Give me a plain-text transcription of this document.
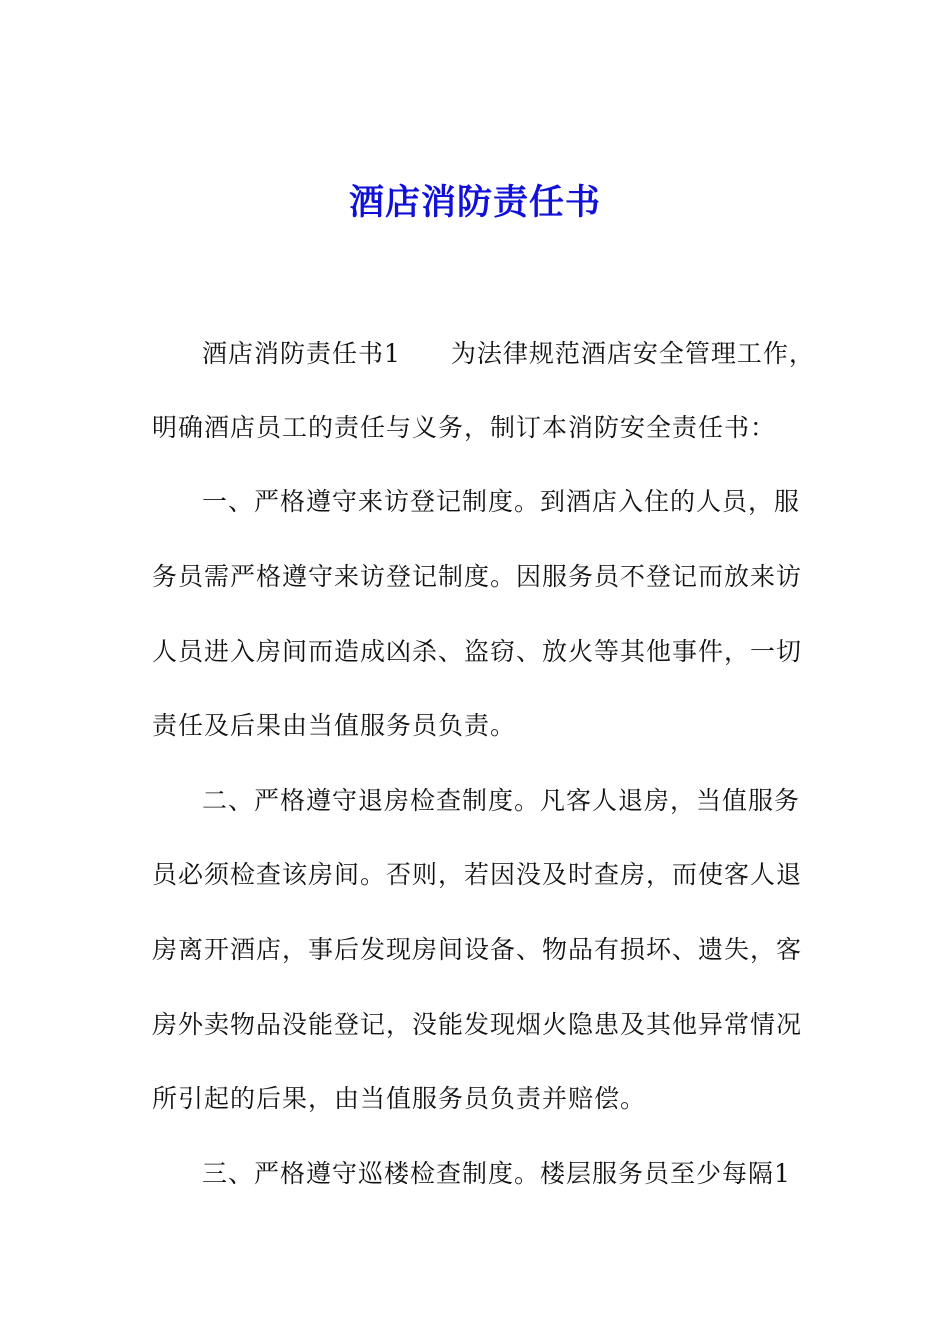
酒店消防责任书
酒店消防责任书1 为法律规范酒店安全管理工作，
明确酒店员工的责任与义务，制订本消防安全责任书：
一、严格遵守来访登记制度。到酒店入住的人员，服
务员需严格遵守来访登记制度。因服务员不登记而放来访
人员进入房间而造成凶杀、盗窃、放火等其他事件，一切
责任及后果由当值服务员负责。
二、严格遵守退房检查制度。凡客人退房，当值服务
员必须检查该房间。否则，若因没及时查房，而使客人退
房离开酒店，事后发现房间设备、物品有损坏、遗失，客
房外卖物品没能登记，没能发现烟火隐患及其他异常情况
所引起的后果，由当值服务员负责并赔偿。
三、严格遵守巡楼检查制度。楼层服务员至少每隔1
